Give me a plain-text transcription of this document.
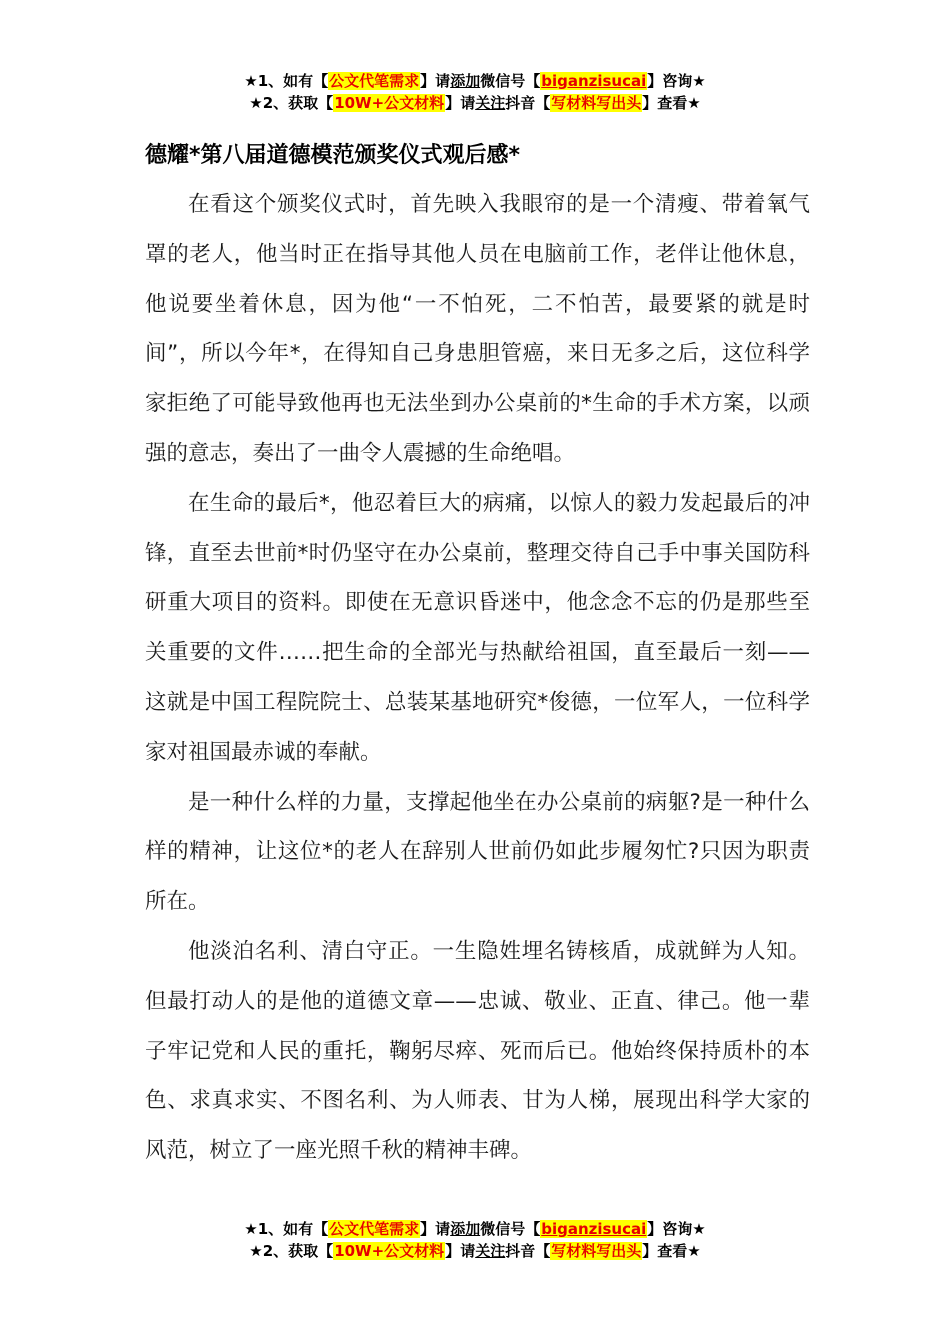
★1、如有【公文代笔需求】请添加微信号【biganzisucai】咨询★
★2、获取【10W+公文材料】请关注抖音【写材料写出头】查看★
德耀*第八届道德模范颁奖仪式观后感*

在看这个颁奖仪式时，首先映入我眼帘的是一个清瘦、带着氧气罩的老人，他当时正在指导其他人员在电脑前工作，老伴让他休息，他说要坐着休息，因为他“一不怕死，二不怕苦，最要紧的就是时间”，所以今年*，在得知自己身患胆管癌，来日无多之后，这位科学家拒绝了可能导致他再也无法坐到办公桌前的*生命的手术方案，以顽强的意志，奏出了一曲令人震撼的生命绝唱。

在生命的最后*，他忍着巨大的病痛，以惊人的毅力发起最后的冲锋，直至去世前*时仍坚守在办公桌前，整理交待自己手中事关国防科研重大项目的资料。即使在无意识昏迷中，他念念不忘的仍是那些至关重要的文件……把生命的全部光与热献给祖国，直至最后一刻——这就是中国工程院院士、总装某基地研究*俊德，一位军人，一位科学家对祖国最赤诚的奉献。

是一种什么样的力量，支撑起他坐在办公桌前的病躯?是一种什么样的精神，让这位*的老人在辞别人世前仍如此步履匆忙?只因为职责所在。

他淡泊名利、清白守正。一生隐姓埋名铸核盾，成就鲜为人知。但最打动人的是他的道德文章——忠诚、敬业、正直、律己。他一辈子牢记党和人民的重托，鞠躬尽瘁、死而后已。他始终保持质朴的本色、求真求实、不图名利、为人师表、甘为人梯，展现出科学大家的风范，树立了一座光照千秋的精神丰碑。

★1、如有【公文代笔需求】请添加微信号【biganzisucai】咨询★
★2、获取【10W+公文材料】请关注抖音【写材料写出头】查看★
